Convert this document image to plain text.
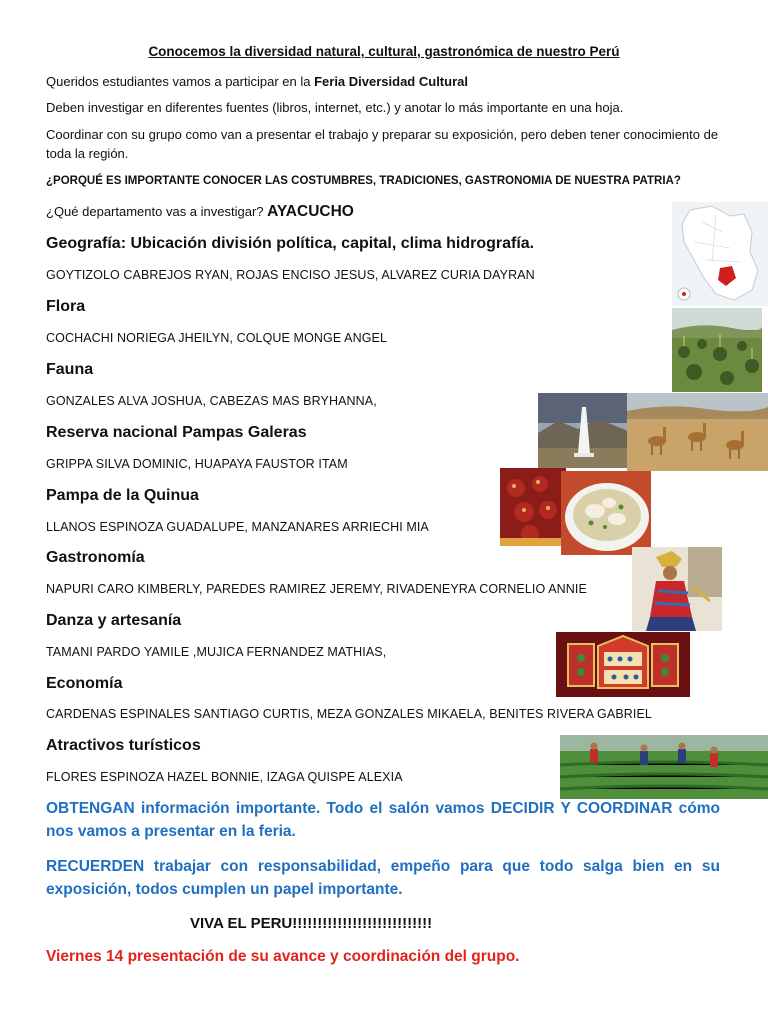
Conocemos la diversidad natural, cultural, gastronómica de nuestro Perú
Queridos estudiantes vamos a participar en la Feria Diversidad Cultural
Deben investigar en diferentes fuentes (libros, internet, etc.) y anotar lo más importante en una hoja.
Coordinar con su grupo como van a presentar el trabajo y preparar su exposición, pero deben tener conocimiento de toda la región.
¿PORQUÉ ES IMPORTANTE CONOCER LAS COSTUMBRES, TRADICIONES, GASTRONOMIA DE NUESTRA PATRIA?
¿Qué departamento vas a investigar? AYACUCHO
Geografía: Ubicación división política, capital, clima hidrografía.
GOYTIZOLO CABREJOS RYAN, ROJAS ENCISO JESUS, ALVAREZ CURIA DAYRAN
Flora
COCHACHI NORIEGA JHEILYN, COLQUE MONGE ANGEL
Fauna
GONZALES ALVA JOSHUA, CABEZAS MAS BRYHANNA,
Reserva nacional Pampas Galeras
GRIPPA SILVA DOMINIC, HUAPAYA FAUSTOR ITAM
Pampa de la Quinua
LLANOS ESPINOZA GUADALUPE, MANZANARES ARRIECHI MIA
Gastronomía
NAPURI CARO KIMBERLY, PAREDES RAMIREZ JEREMY, RIVADENEYRA CORNELIO ANNIE
Danza y artesanía
TAMANI PARDO YAMILE ,MUJICA FERNANDEZ MATHIAS,
Economía
CARDENAS ESPINALES SANTIAGO CURTIS, MEZA GONZALES MIKAELA, BENITES RIVERA GABRIEL
Atractivos turísticos
FLORES ESPINOZA HAZEL BONNIE, IZAGA QUISPE ALEXIA
OBTENGAN información importante. Todo el salón vamos DECIDIR Y COORDINAR cómo nos vamos a presentar en la feria.
RECUERDEN trabajar con responsabilidad, empeño para que todo salga bien en su exposición, todos cumplen un papel importante.
VIVA EL PERU!!!!!!!!!!!!!!!!!!!!!!!!!!!!
Viernes 14 presentación de su avance y coordinación del grupo.
